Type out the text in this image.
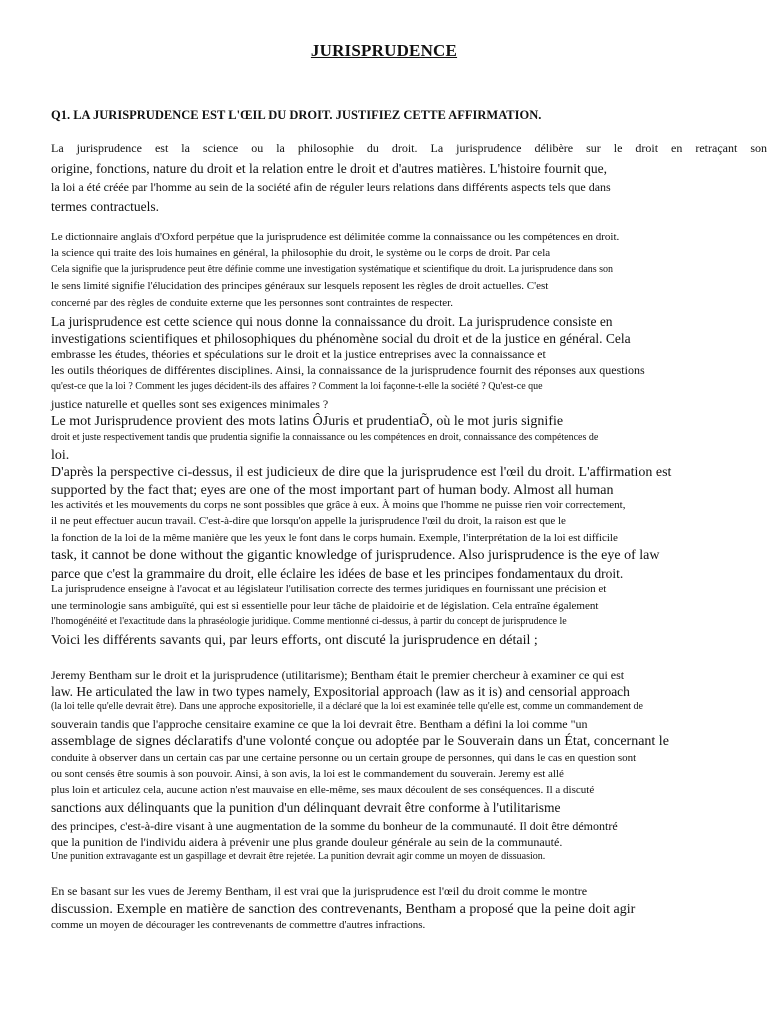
JURISPRUDENCE
Q1. LA JURISPRUDENCE EST L'ŒIL DU DROIT. JUSTIFIEZ CETTE AFFIRMATION.
La jurisprudence est la science ou la philosophie du droit. La jurisprudence délibère sur le droit en retraçant son
origine, fonctions, nature du droit et la relation entre le droit et d'autres matières. L'histoire fournit que,
la loi a été créée par l'homme au sein de la société afin de réguler leurs relations dans différents aspects tels que dans
termes contractuels.
Le dictionnaire anglais d'Oxford perpétue que la jurisprudence est délimitée comme la connaissance ou les compétences en droit.
la science qui traite des lois humaines en général, la philosophie du droit, le système ou le corps de droit. Par cela
Cela signifie que la jurisprudence peut être définie comme une investigation systématique et scientifique du droit. La jurisprudence dans son
le sens limité signifie l'élucidation des principes généraux sur lesquels reposent les règles de droit actuelles. C'est
concerné par des règles de conduite externe que les personnes sont contraintes de respecter.
La jurisprudence est cette science qui nous donne la connaissance du droit. La jurisprudence consiste en
investigations scientifiques et philosophiques du phénomène social du droit et de la justice en général. Cela
embrasse les études, théories et spéculations sur le droit et la justice entreprises avec la connaissance et
les outils théoriques de différentes disciplines. Ainsi, la connaissance de la jurisprudence fournit des réponses aux questions
qu'est-ce que la loi ? Comment les juges décident-ils des affaires ? Comment la loi façonne-t-elle la société ? Qu'est-ce que
justice naturelle et quelles sont ses exigences minimales ?
Le mot Jurisprudence provient des mots latins ÔJuris et prudentiaÕ, où le mot juris signifie
droit et juste respectivement tandis que prudentia signifie la connaissance ou les compétences en droit, connaissance des compétences de
loi.
D'après la perspective ci-dessus, il est judicieux de dire que la jurisprudence est l'œil du droit. L'affirmation est
supported by the fact that; eyes are one of the most important part of human body. Almost all human
les activités et les mouvements du corps ne sont possibles que grâce à eux. À moins que l'homme ne puisse rien voir correctement,
il ne peut effectuer aucun travail. C'est-à-dire que lorsqu'on appelle la jurisprudence l'œil du droit, la raison est que le
la fonction de la loi de la même manière que les yeux le font dans le corps humain. Exemple, l'interprétation de la loi est difficile
task, it cannot be done without the gigantic knowledge of jurisprudence. Also jurisprudence is the eye of law
parce que c'est la grammaire du droit, elle éclaire les idées de base et les principes fondamentaux du droit.
La jurisprudence enseigne à l'avocat et au législateur l'utilisation correcte des termes juridiques en fournissant une précision et
une terminologie sans ambiguïté, qui est si essentielle pour leur tâche de plaidoirie et de législation. Cela entraîne également
l'homogénéité et l'exactitude dans la phraséologie juridique. Comme mentionné ci-dessus, à partir du concept de jurisprudence le
Voici les différents savants qui, par leurs efforts, ont discuté la jurisprudence en détail ;
Jeremy Bentham sur le droit et la jurisprudence (utilitarisme); Bentham était le premier chercheur à examiner ce qui est
law. He articulated the law in two types namely, Expositorial approach (law as it is) and censorial approach
(la loi telle qu'elle devrait être). Dans une approche expositorielle, il a déclaré que la loi est examinée telle qu'elle est, comme un commandement de
souverain tandis que l'approche censitaire examine ce que la loi devrait être. Bentham a défini la loi comme "un
assemblage de signes déclaratifs d'une volonté conçue ou adoptée par le Souverain dans un État, concernant le
conduite à observer dans un certain cas par une certaine personne ou un certain groupe de personnes, qui dans le cas en question sont
ou sont censés être soumis à son pouvoir. Ainsi, à son avis, la loi est le commandement du souverain. Jeremy est allé
plus loin et articulez cela, aucune action n'est mauvaise en elle-même, ses maux découlent de ses conséquences. Il a discuté
sanctions aux délinquants que la punition d'un délinquant devrait être conforme à l'utilitarisme
des principes, c'est-à-dire visant à une augmentation de la somme du bonheur de la communauté. Il doit être démontré
que la punition de l'individu aidera à prévenir une plus grande douleur générale au sein de la communauté.
Une punition extravagante est un gaspillage et devrait être rejetée. La punition devrait agir comme un moyen de dissuasion.
En se basant sur les vues de Jeremy Bentham, il est vrai que la jurisprudence est l'œil du droit comme le montre
discussion. Exemple en matière de sanction des contrevenants, Bentham a proposé que la peine doit agir
comme un moyen de décourager les contrevenants de commettre d'autres infractions.
